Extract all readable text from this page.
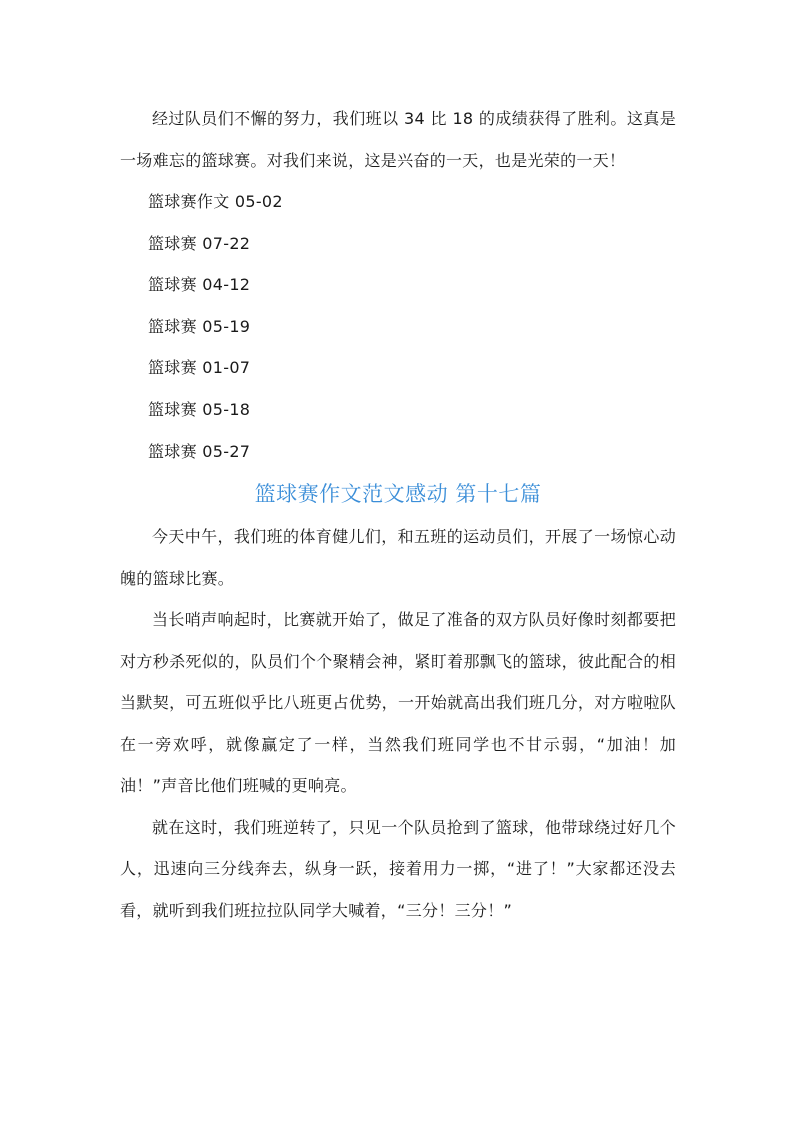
经过队员们不懈的努力，我们班以 34 比 18 的成绩获得了胜利。这真是一场难忘的篮球赛。对我们来说，这是兴奋的一天，也是光荣的一天！

篮球赛作文 05-02

篮球赛 07-22

篮球赛 04-12

篮球赛 05-19

篮球赛 01-07

篮球赛 05-18

篮球赛 05-27

篮球赛作文范文感动 第十七篇

今天中午，我们班的体育健儿们，和五班的运动员们，开展了一场惊心动魄的篮球比赛。

当长哨声响起时，比赛就开始了，做足了准备的双方队员好像时刻都要把对方秒杀死似的，队员们个个聚精会神，紧盯着那飘飞的篮球，彼此配合的相当默契，可五班似乎比八班更占优势，一开始就高出我们班几分，对方啦啦队在一旁欢呼，就像赢定了一样，当然我们班同学也不甘示弱，“加油！加油！”声音比他们班喊的更响亮。

就在这时，我们班逆转了，只见一个队员抢到了篮球，他带球绕过好几个人，迅速向三分线奔去，纵身一跃，接着用力一掷，“进了！”大家都还没去看，就听到我们班拉拉队同学大喊着，“三分！三分！”
